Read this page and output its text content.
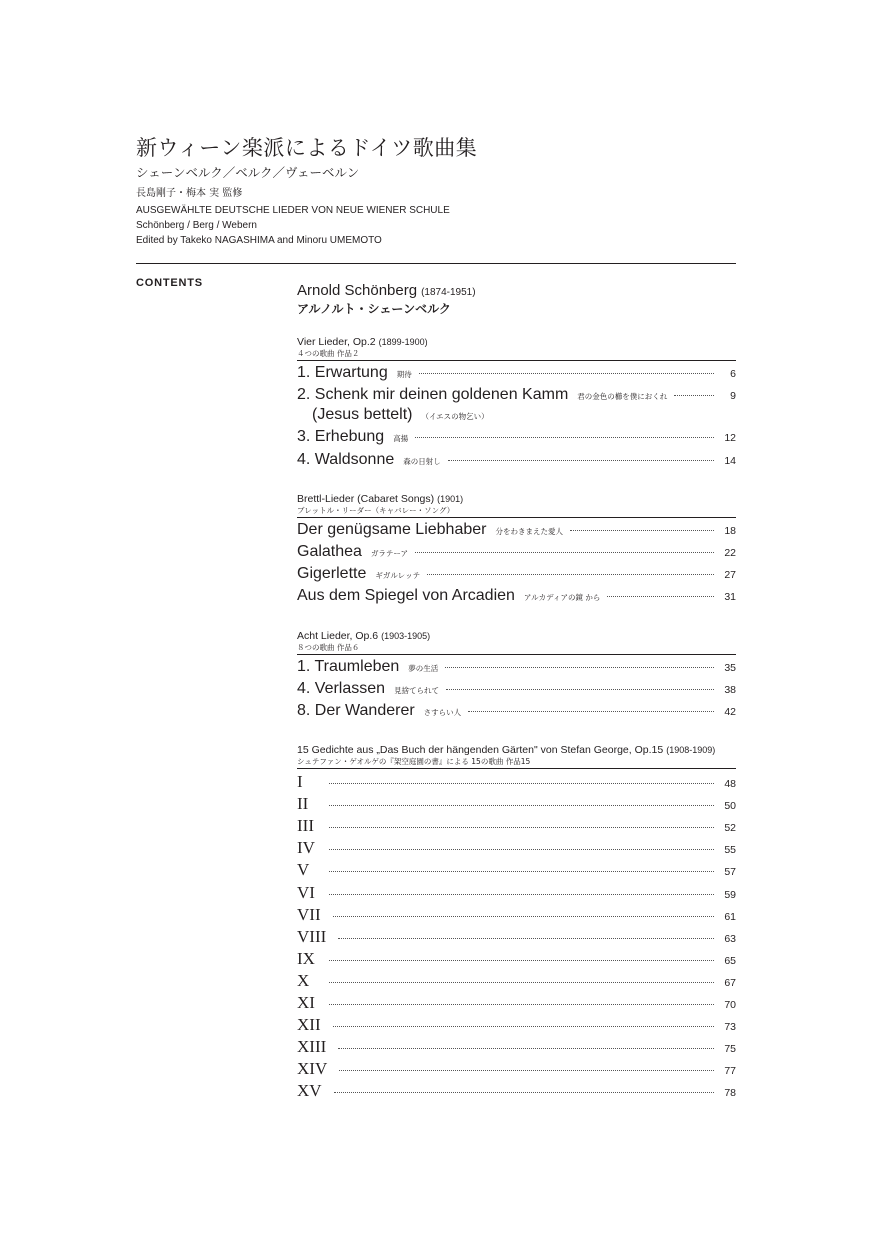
新ウィーン楽派によるドイツ歌曲集
シェーンベルク／ベルク／ヴェーベルン
長島剛子・梅本 実 監修
AUSGEWÄHLTE DEUTSCHE LIEDER VON NEUE WIENER SCHULE
Schönberg / Berg / Webern
Edited by Takeko NAGASHIMA and Minoru UMEMOTO
CONTENTS	Arnold Schönberg (1874-1951)
アルノルト・シェーンベルク
Vier Lieder, Op.2 (1899-1900)
４つの歌曲 作品２
1. Erwartung 期待	6
2. Schenk mir deinen goldenen Kamm 君の金色の櫛を僕におくれ	9
(Jesus bettelt) （イエスの物乞い）
3. Erhebung 高揚	12
4. Waldsonne 森の日射し	14
Brettl-Lieder (Cabaret Songs) (1901)
ブレットル・リーダー（キャバレー・ソング）
Der genügsame Liebhaber 分をわきまえた愛人	18
Galathea ガラテーア	22
Gigerlette ギガルレッテ	27
Aus dem Spiegel von Arcadien アルカディアの鏡 から	31
Acht Lieder, Op.6 (1903-1905)
８つの歌曲 作品６
1. Traumleben 夢の生活	35
4. Verlassen 見捨てられて	38
8. Der Wanderer さすらい人	42
15 Gedichte aus „Das Buch der hängenden Gärten" von Stefan George, Op.15 (1908-1909)
シュテファン・ゲオルゲの『架空庭園の書』による 15の歌曲 作品15
I	48
II	50
III	52
IV	55
V	57
VI	59
VII	61
VIII	63
IX	65
X	67
XI	70
XII	73
XIII	75
XIV	77
XV	78
